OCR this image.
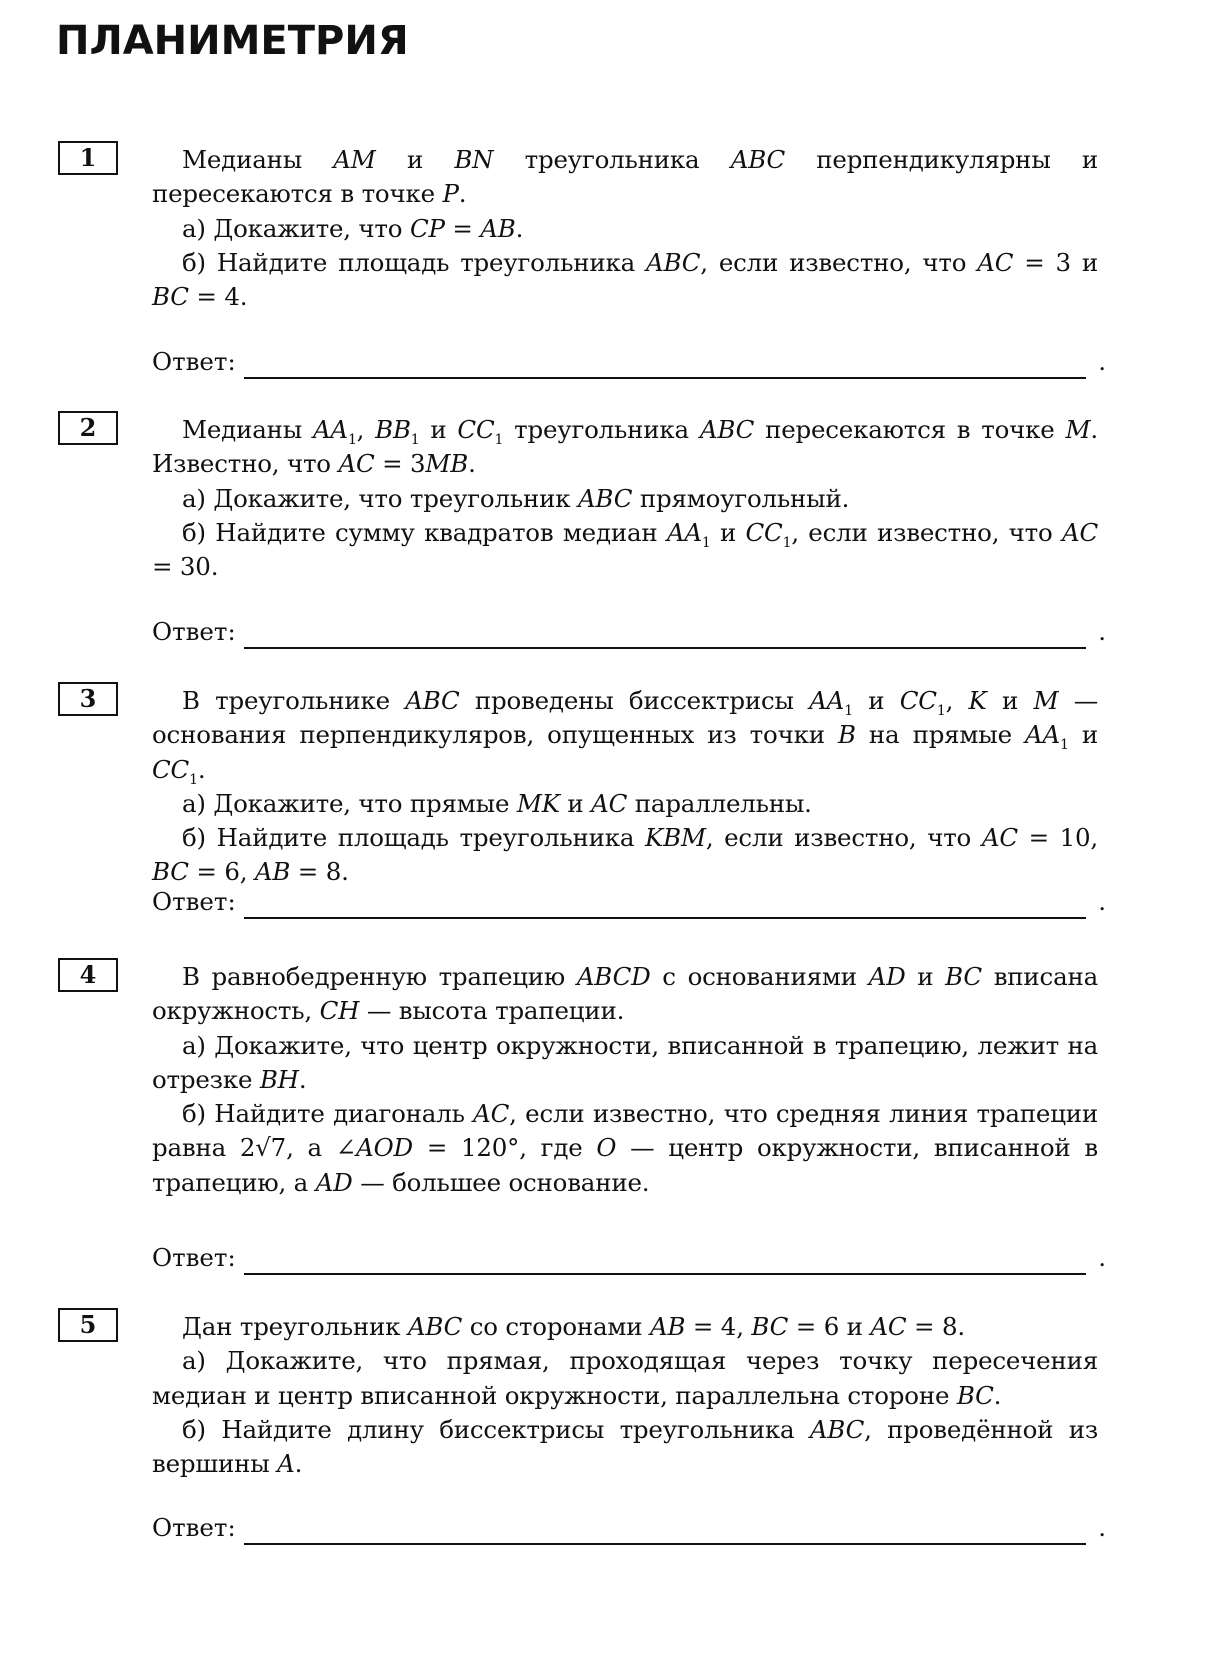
ПЛАНИМЕТРИЯ
1	Медианы AM и BN треугольника ABC перпендикулярны и пересекаются в точке P.

а) Докажите, что CP = AB.

б) Найдите площадь треугольника ABC, если известно, что AC = 3 и BC = 4.

Ответ:	.
2	Медианы $AA_1$, $BB_1$ и $CC_1$ треугольника ABC пересекаются в точке M. Известно, что AC = 3MB.

а) Докажите, что треугольник ABC прямоугольный.

б) Найдите сумму квадратов медиан $AA_1$ и $CC_1$, если известно, что AC = 30.

Ответ:	.
3	В треугольнике ABC проведены биссектрисы $AA_1$ и $CC_1$, K и M — основания перпендикуляров, опущенных из точки B на прямые $AA_1$ и $CC_1$.

а) Докажите, что прямые MK и AC параллельны.

б) Найдите площадь треугольника KBM, если известно, что AC = 10, BC = 6, AB = 8.

Ответ:	.
4	В равнобедренную трапецию ABCD с основаниями AD и BC вписана окружность, CH — высота трапеции.

а) Докажите, что центр окружности, вписанной в трапецию, лежит на отрезке BH.

б) Найдите диагональ AC, если известно, что средняя линия трапеции равна 2√7, а ∠AOD = 120°, где O — центр окружности, вписанной в трапецию, а AD — большее основание.

Ответ:	.
5	Дан треугольник ABC со сторонами AB = 4, BC = 6 и AC = 8.

а) Докажите, что прямая, проходящая через точку пересечения медиан и центр вписанной окружности, параллельна стороне BC.

б) Найдите длину биссектрисы треугольника ABC, проведённой из вершины A.

Ответ:	.
